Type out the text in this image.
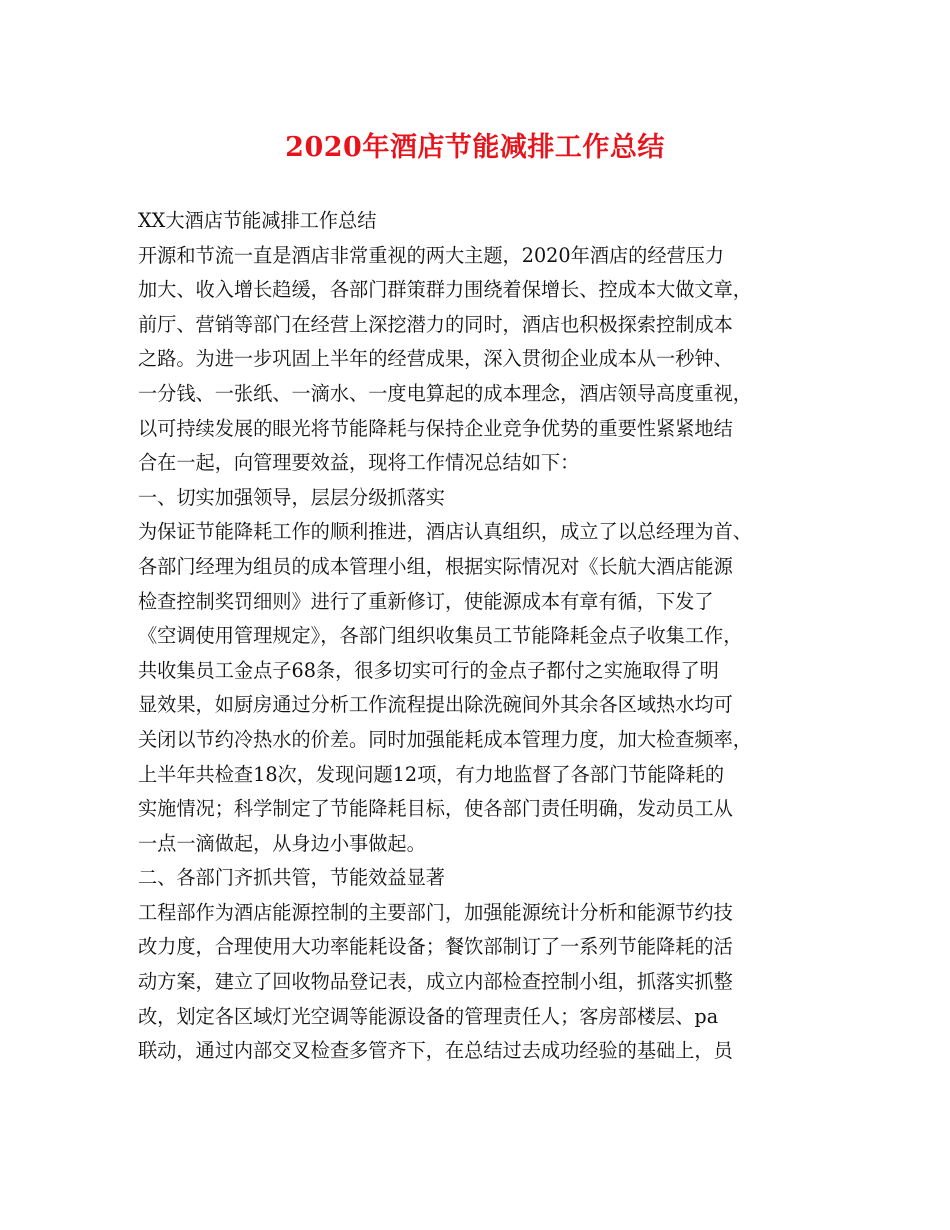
2020年酒店节能减排工作总结
XX大酒店节能减排工作总结
开源和节流一直是酒店非常重视的两大主题，2020年酒店的经营压力
加大、收入增长趋缓，各部门群策群力围绕着保增长、控成本大做文章，
前厅、营销等部门在经营上深挖潜力的同时，酒店也积极探索控制成本
之路。为进一步巩固上半年的经营成果，深入贯彻企业成本从一秒钟、
一分钱、一张纸、一滴水、一度电算起的成本理念，酒店领导高度重视，
以可持续发展的眼光将节能降耗与保持企业竞争优势的重要性紧紧地结
合在一起，向管理要效益，现将工作情况总结如下：
一、切实加强领导，层层分级抓落实
为保证节能降耗工作的顺利推进，酒店认真组织，成立了以总经理为首、
各部门经理为组员的成本管理小组，根据实际情况对《长航大酒店能源
检查控制奖罚细则》进行了重新修订，使能源成本有章有循，下发了
《空调使用管理规定》，各部门组织收集员工节能降耗金点子收集工作，
共收集员工金点子68条，很多切实可行的金点子都付之实施取得了明
显效果，如厨房通过分析工作流程提出除洗碗间外其余各区域热水均可
关闭以节约冷热水的价差。同时加强能耗成本管理力度，加大检查频率，
上半年共检查18次，发现问题12项，有力地监督了各部门节能降耗的
实施情况；科学制定了节能降耗目标，使各部门责任明确，发动员工从
一点一滴做起，从身边小事做起。
二、各部门齐抓共管，节能效益显著
工程部作为酒店能源控制的主要部门，加强能源统计分析和能源节约技
改力度，合理使用大功率能耗设备；餐饮部制订了一系列节能降耗的活
动方案，建立了回收物品登记表，成立内部检查控制小组，抓落实抓整
改，划定各区域灯光空调等能源设备的管理责任人；客房部楼层、pa
联动，通过内部交叉检查多管齐下，在总结过去成功经验的基础上，员
